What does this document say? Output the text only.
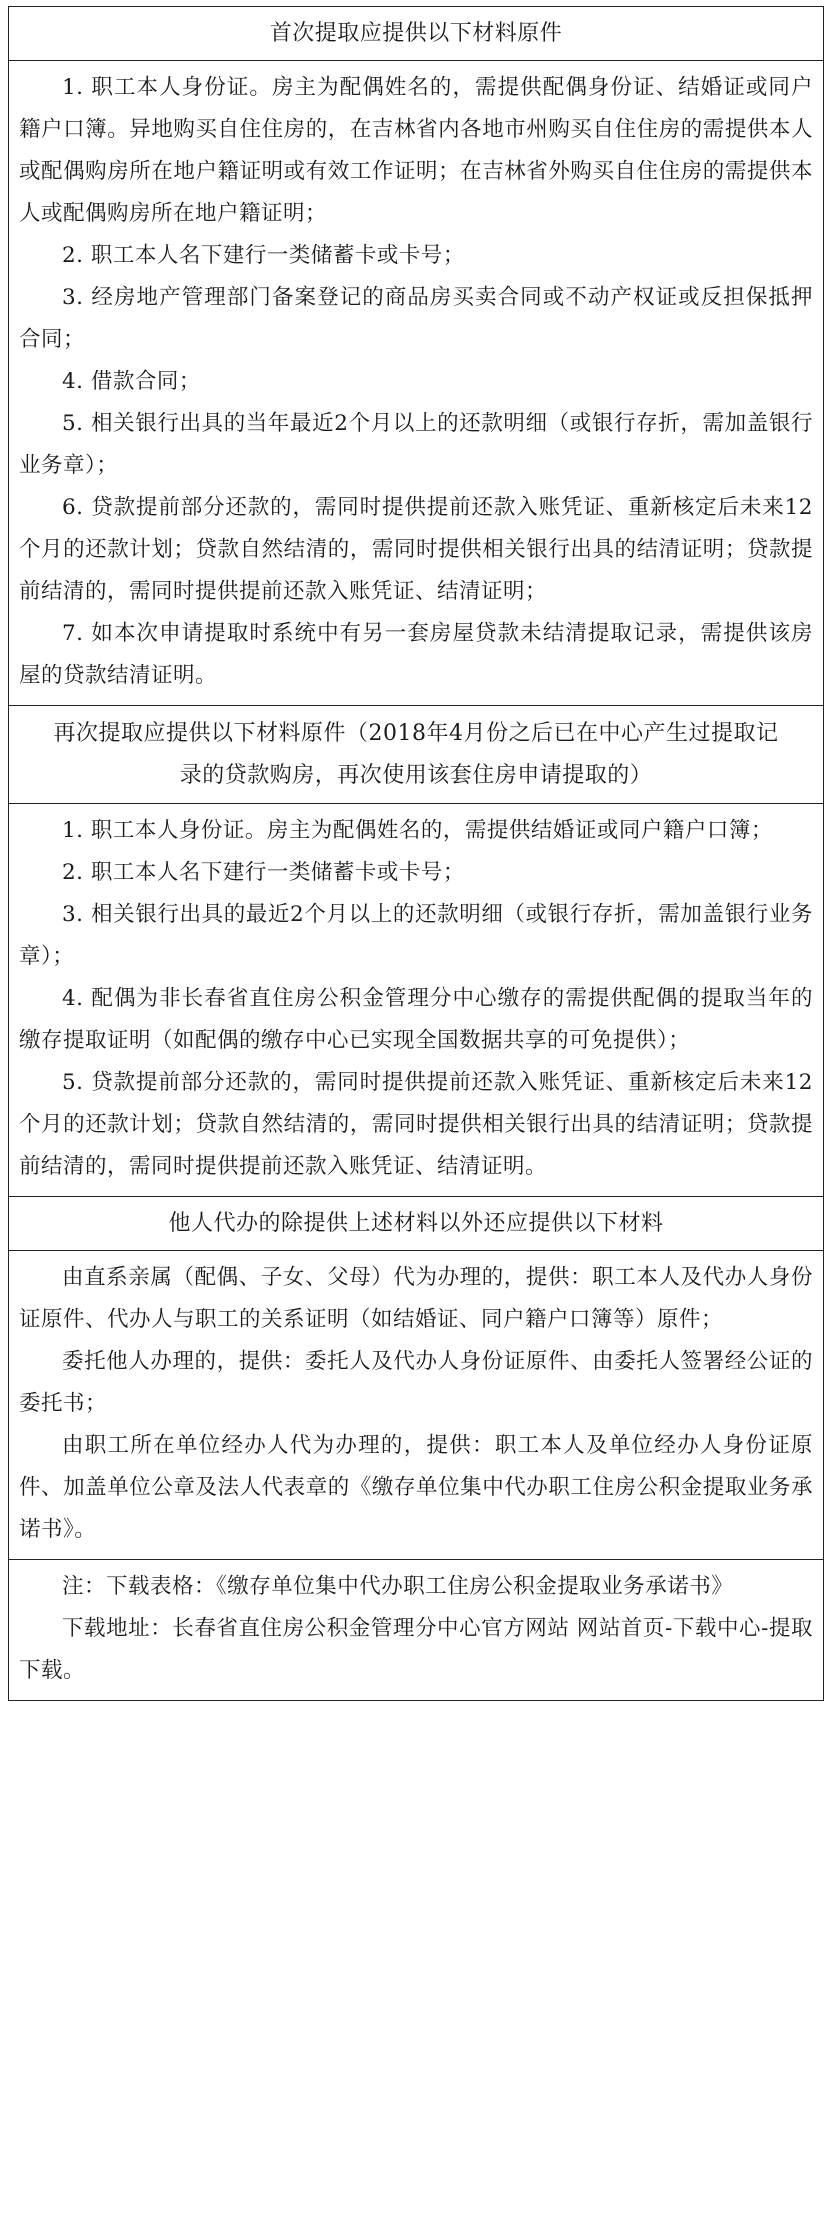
首次提取应提供以下材料原件

1. 职工本人身份证。房主为配偶姓名的，需提供配偶身份证、结婚证或同户籍户口簿。异地购买自住住房的，在吉林省内各地市州购买自住住房的需提供本人或配偶购房所在地户籍证明或有效工作证明；在吉林省外购买自住住房的需提供本人或配偶购房所在地户籍证明；

2. 职工本人名下建行一类储蓄卡或卡号；

3. 经房地产管理部门备案登记的商品房买卖合同或不动产权证或反担保抵押合同；

4. 借款合同；

5. 相关银行出具的当年最近2个月以上的还款明细（或银行存折，需加盖银行业务章）；

6. 贷款提前部分还款的，需同时提供提前还款入账凭证、重新核定后未来12个月的还款计划；贷款自然结清的，需同时提供相关银行出具的结清证明；贷款提前结清的，需同时提供提前还款入账凭证、结清证明；

7. 如本次申请提取时系统中有另一套房屋贷款未结清提取记录，需提供该房屋的贷款结清证明。

再次提取应提供以下材料原件（2018年4月份之后已在中心产生过提取记录的贷款购房，再次使用该套住房申请提取的）

1. 职工本人身份证。房主为配偶姓名的，需提供结婚证或同户籍户口簿；

2. 职工本人名下建行一类储蓄卡或卡号；

3. 相关银行出具的最近2个月以上的还款明细（或银行存折，需加盖银行业务章）；

4. 配偶为非长春省直住房公积金管理分中心缴存的需提供配偶的提取当年的缴存提取证明（如配偶的缴存中心已实现全国数据共享的可免提供）；

5. 贷款提前部分还款的，需同时提供提前还款入账凭证、重新核定后未来12个月的还款计划；贷款自然结清的，需同时提供相关银行出具的结清证明；贷款提前结清的，需同时提供提前还款入账凭证、结清证明。

他人代办的除提供上述材料以外还应提供以下材料

由直系亲属（配偶、子女、父母）代为办理的，提供：职工本人及代办人身份证原件、代办人与职工的关系证明（如结婚证、同户籍户口簿等）原件；

委托他人办理的，提供：委托人及代办人身份证原件、由委托人签署经公证的委托书；

由职工所在单位经办人代为办理的，提供：职工本人及单位经办人身份证原件、加盖单位公章及法人代表章的《缴存单位集中代办职工住房公积金提取业务承诺书》。

注：下载表格：《缴存单位集中代办职工住房公积金提取业务承诺书》

下载地址：长春省直住房公积金管理分中心官方网站 网站首页-下载中心-提取下载。
